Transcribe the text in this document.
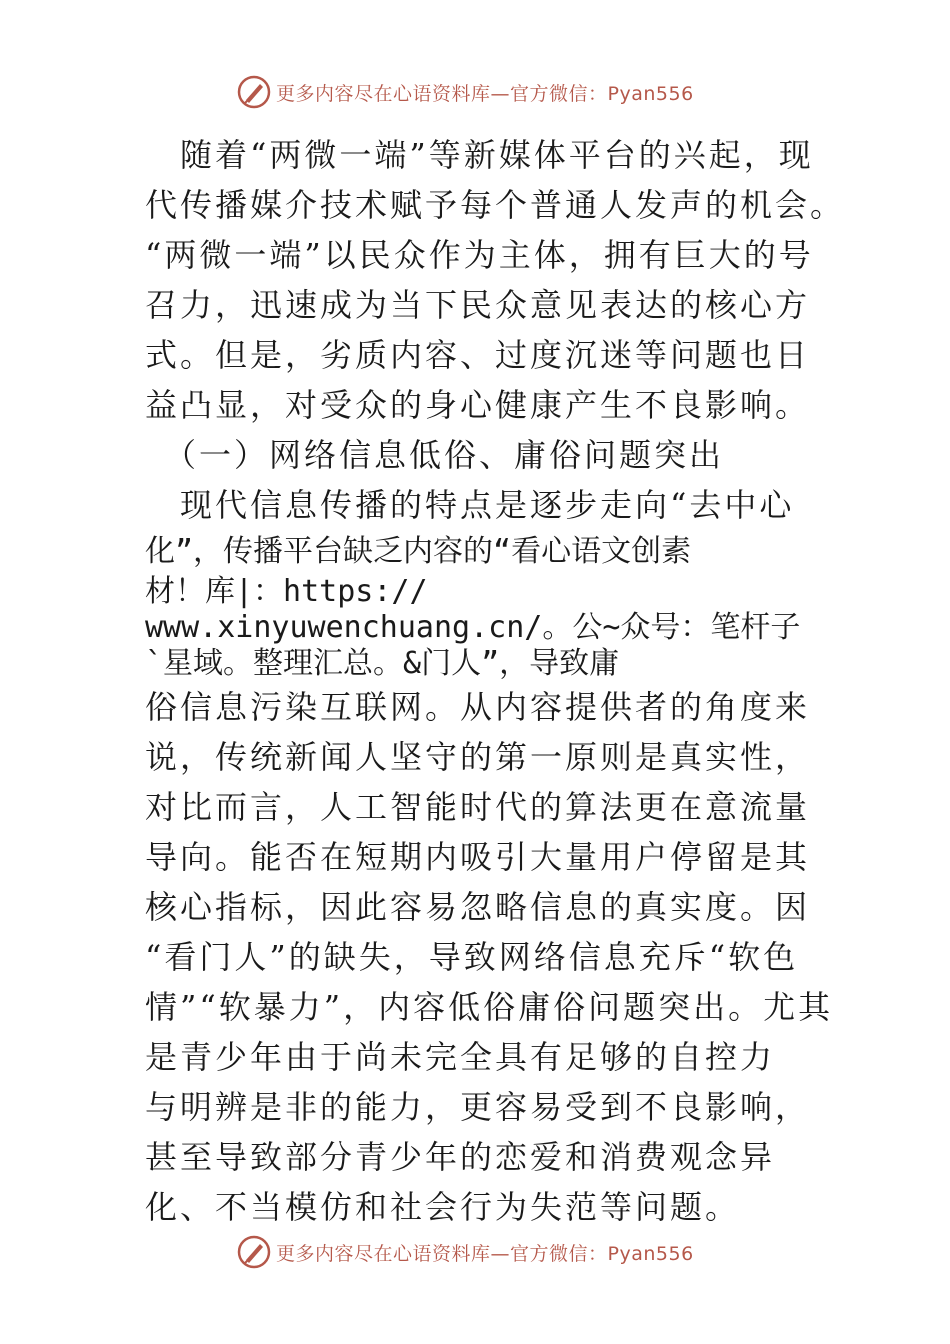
更多内容尽在心语资料库—官方微信：Pyan556
　随着“两微一端”等新媒体平台的兴起，现
代传播媒介技术赋予每个普通人发声的机会。
“两微一端”以民众作为主体，拥有巨大的号
召力，迅速成为当下民众意见表达的核心方
式。但是，劣质内容、过度沉迷等问题也日
益凸显，对受众的身心健康产生不良影响。
　（一）网络信息低俗、庸俗问题突出
　现代信息传播的特点是逐步走向“去中心
化”，传播平台缺乏内容的“看心语文创素
材！库|：https://
www.xinyuwenchuang.cn/。公~众号：笔杆子
`星域。整理汇总。&门人”，导致庸
俗信息污染互联网。从内容提供者的角度来
说，传统新闻人坚守的第一原则是真实性，
对比而言，人工智能时代的算法更在意流量
导向。能否在短期内吸引大量用户停留是其
核心指标，因此容易忽略信息的真实度。因
“看门人”的缺失，导致网络信息充斥“软色
情”“软暴力”，内容低俗庸俗问题突出。尤其
是青少年由于尚未完全具有足够的自控力
与明辨是非的能力，更容易受到不良影响，
甚至导致部分青少年的恋爱和消费观念异
化、不当模仿和社会行为失范等问题。
更多内容尽在心语资料库—官方微信：Pyan556
